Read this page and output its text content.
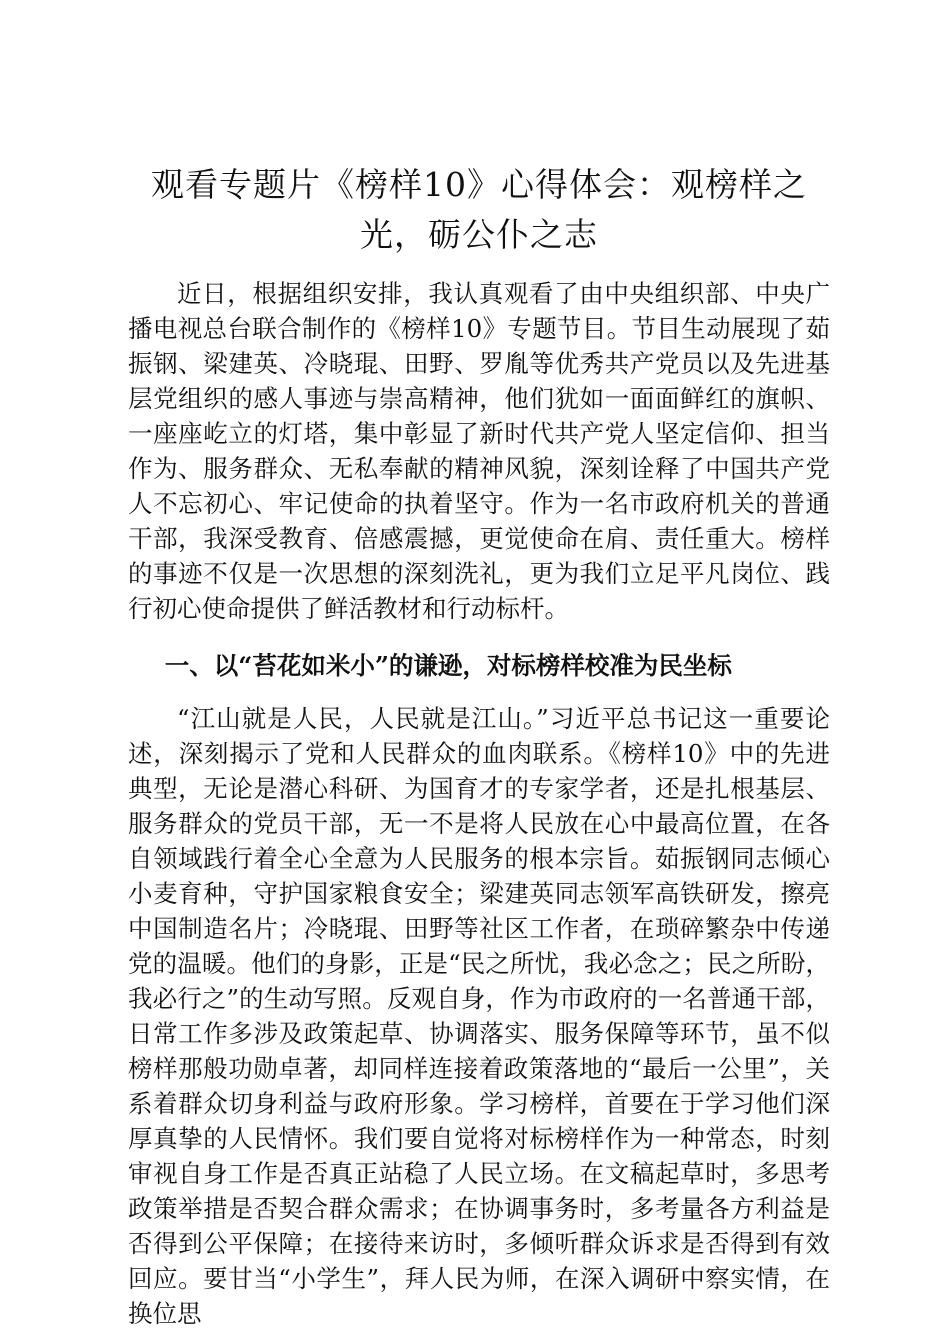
观看专题片《榜样10》心得体会：观榜样之
光，砺公仆之志

近日，根据组织安排，我认真观看了由中央组织部、中央广播电视总台联合制作的《榜样10》专题节目。节目生动展现了茹振钢、梁建英、冷晓琨、田野、罗胤等优秀共产党员以及先进基层党组织的感人事迹与崇高精神，他们犹如一面面鲜红的旗帜、一座座屹立的灯塔，集中彰显了新时代共产党人坚定信仰、担当作为、服务群众、无私奉献的精神风貌，深刻诠释了中国共产党人不忘初心、牢记使命的执着坚守。作为一名市政府机关的普通干部，我深受教育、倍感震撼，更觉使命在肩、责任重大。榜样的事迹不仅是一次思想的深刻洗礼，更为我们立足平凡岗位、践行初心使命提供了鲜活教材和行动标杆。

一、以“苔花如米小”的谦逊，对标榜样校准为民坐标

“江山就是人民，人民就是江山。”习近平总书记这一重要论述，深刻揭示了党和人民群众的血肉联系。《榜样10》中的先进典型，无论是潜心科研、为国育才的专家学者，还是扎根基层、服务群众的党员干部，无一不是将人民放在心中最高位置，在各自领域践行着全心全意为人民服务的根本宗旨。茹振钢同志倾心小麦育种，守护国家粮食安全；梁建英同志领军高铁研发，擦亮中国制造名片；冷晓琨、田野等社区工作者，在琐碎繁杂中传递党的温暖。他们的身影，正是“民之所忧，我必念之；民之所盼，我必行之”的生动写照。反观自身，作为市政府的一名普通干部，日常工作多涉及政策起草、协调落实、服务保障等环节，虽不似榜样那般功勋卓著，却同样连接着政策落地的“最后一公里”，关系着群众切身利益与政府形象。学习榜样，首要在于学习他们深厚真挚的人民情怀。我们要自觉将对标榜样作为一种常态，时刻审视自身工作是否真正站稳了人民立场。在文稿起草时，多思考政策举措是否契合群众需求；在协调事务时，多考量各方利益是否得到公平保障；在接待来访时，多倾听群众诉求是否得到有效回应。要甘当“小学生”，拜人民为师，在深入调研中察实情，在换位思
